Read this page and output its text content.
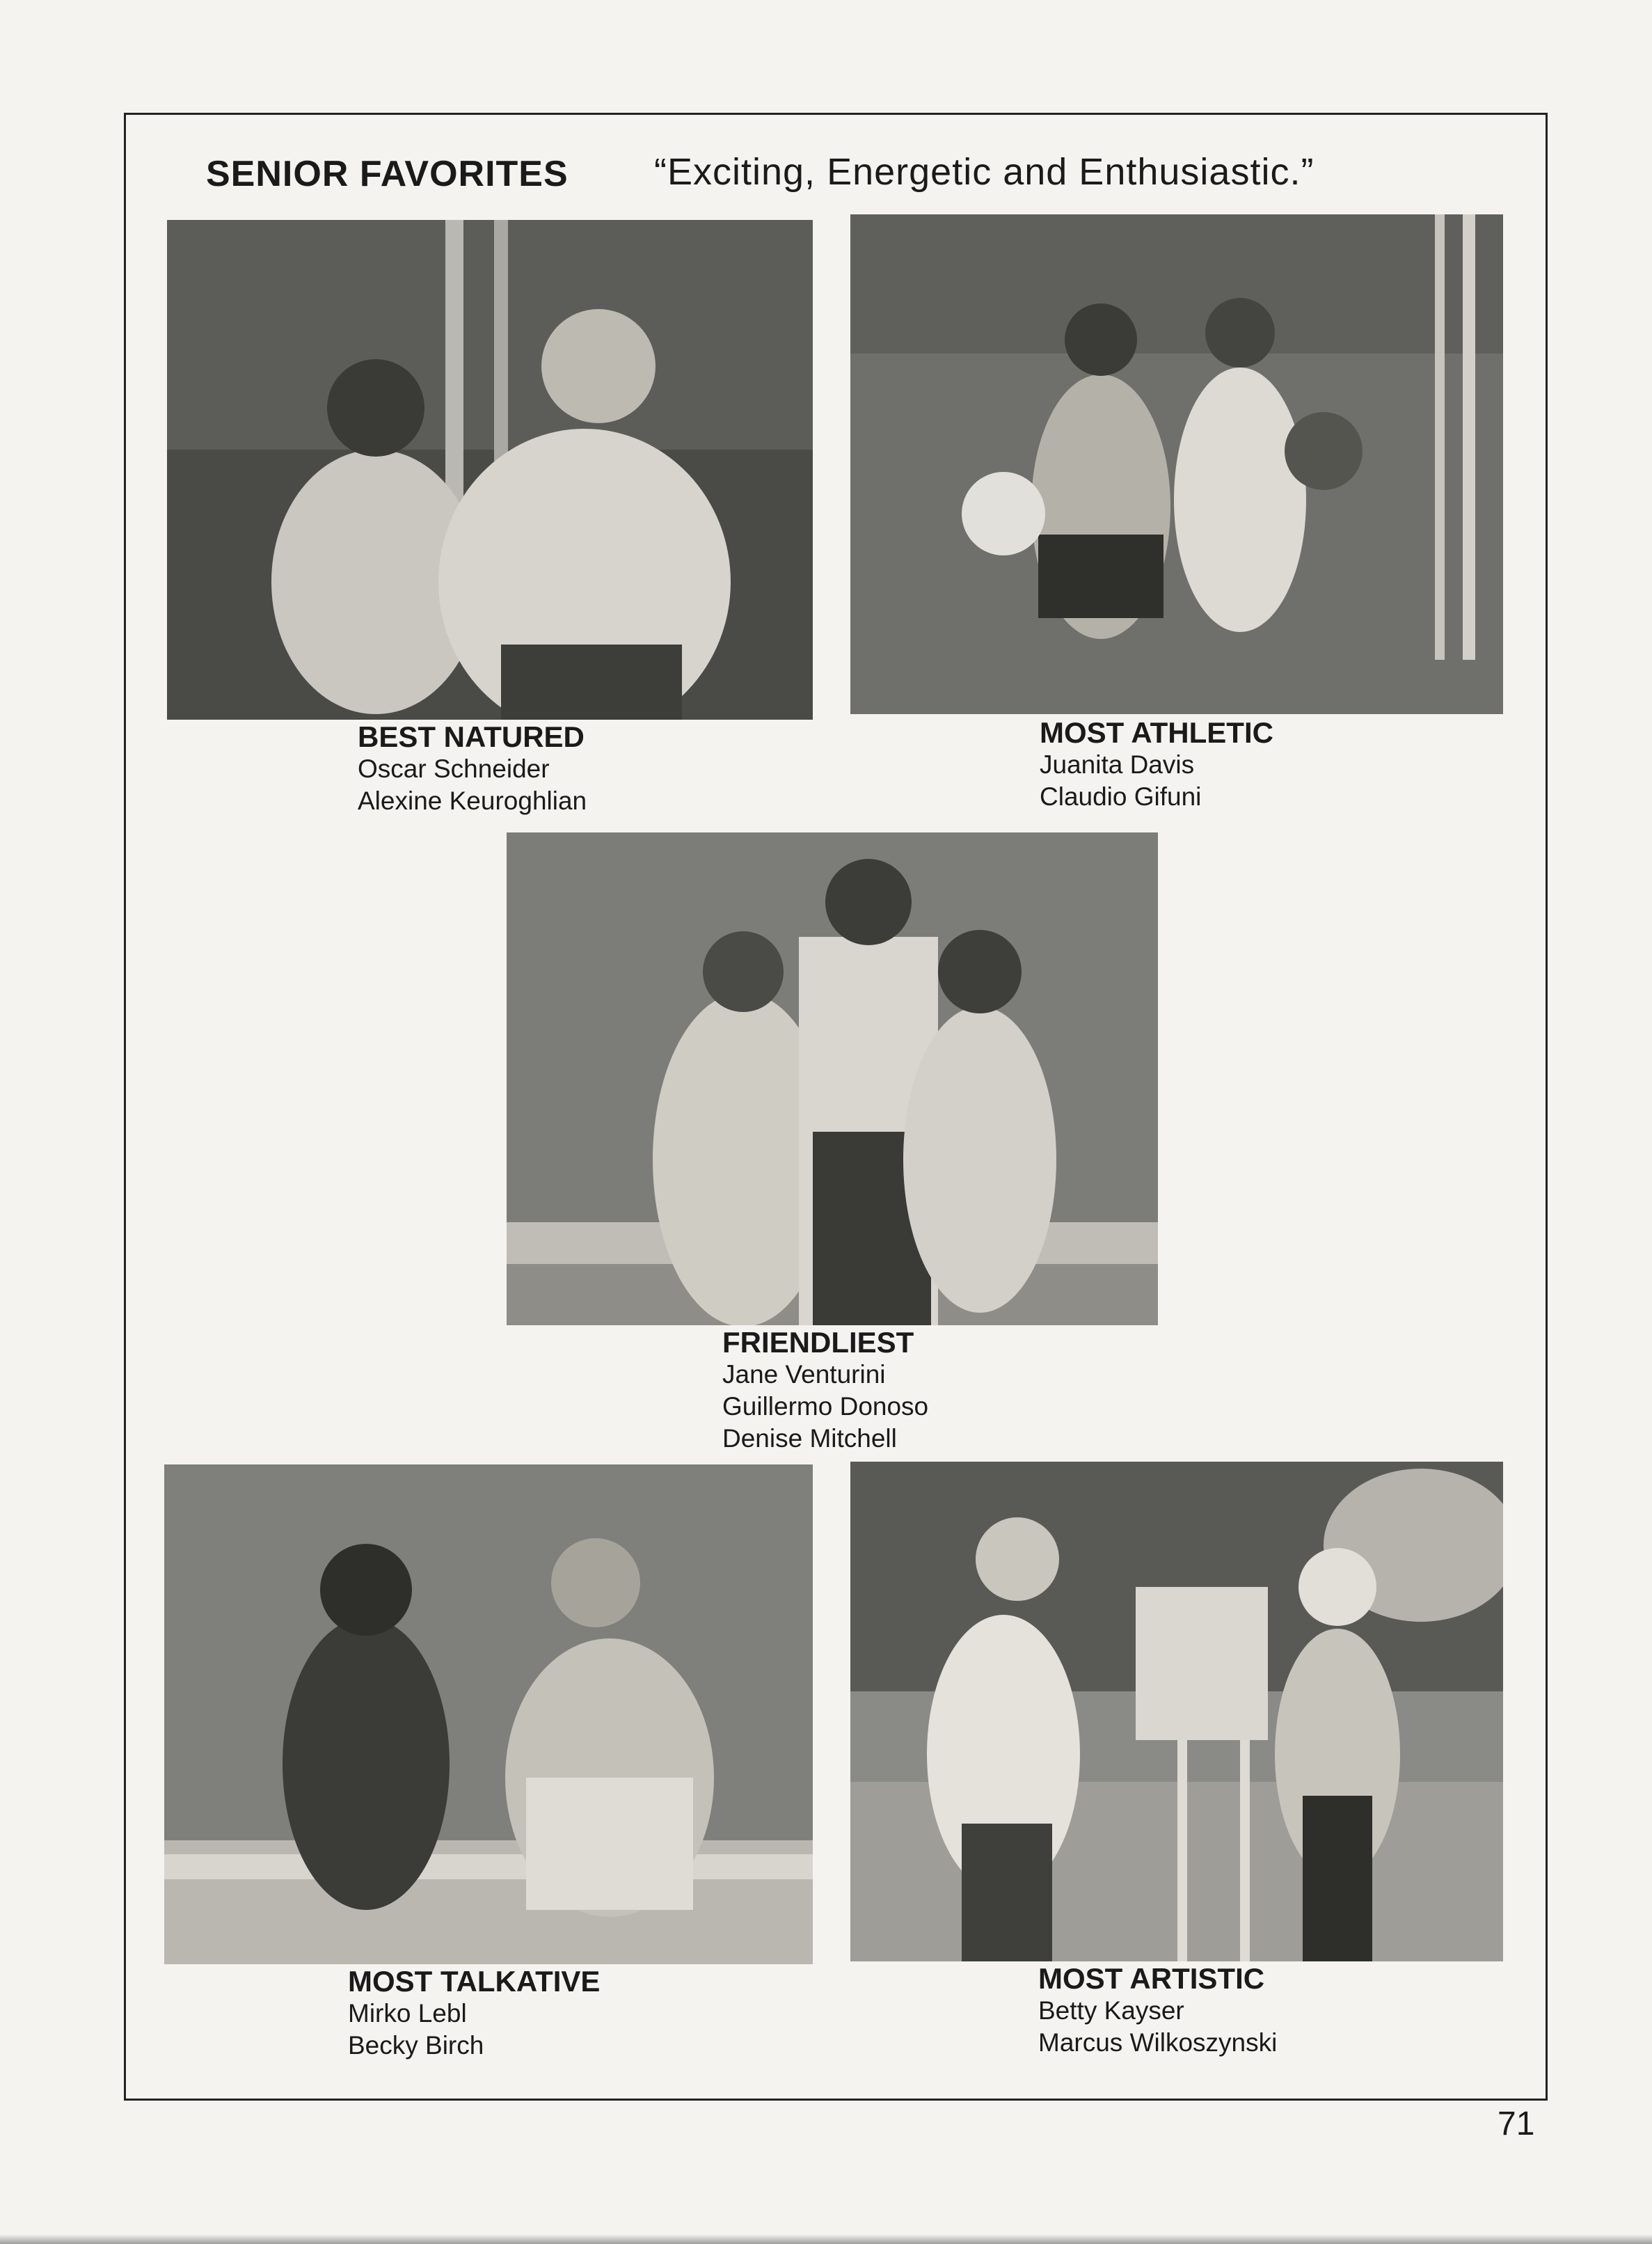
SENIOR FAVORITES “Exciting, Energetic and Enthusiastic.”

BEST NATURED
Oscar Schneider
Alexine Keuroghlian
MOST ATHLETIC
Juanita Davis
Claudio Gifuni
FRIENDLIEST
Jane Venturini
Guillermo Donoso
Denise Mitchell
MOST TALKATIVE
Mirko Lebl
Becky Birch
MOST ARTISTIC
Betty Kayser
Marcus Wilkoszynski
71
